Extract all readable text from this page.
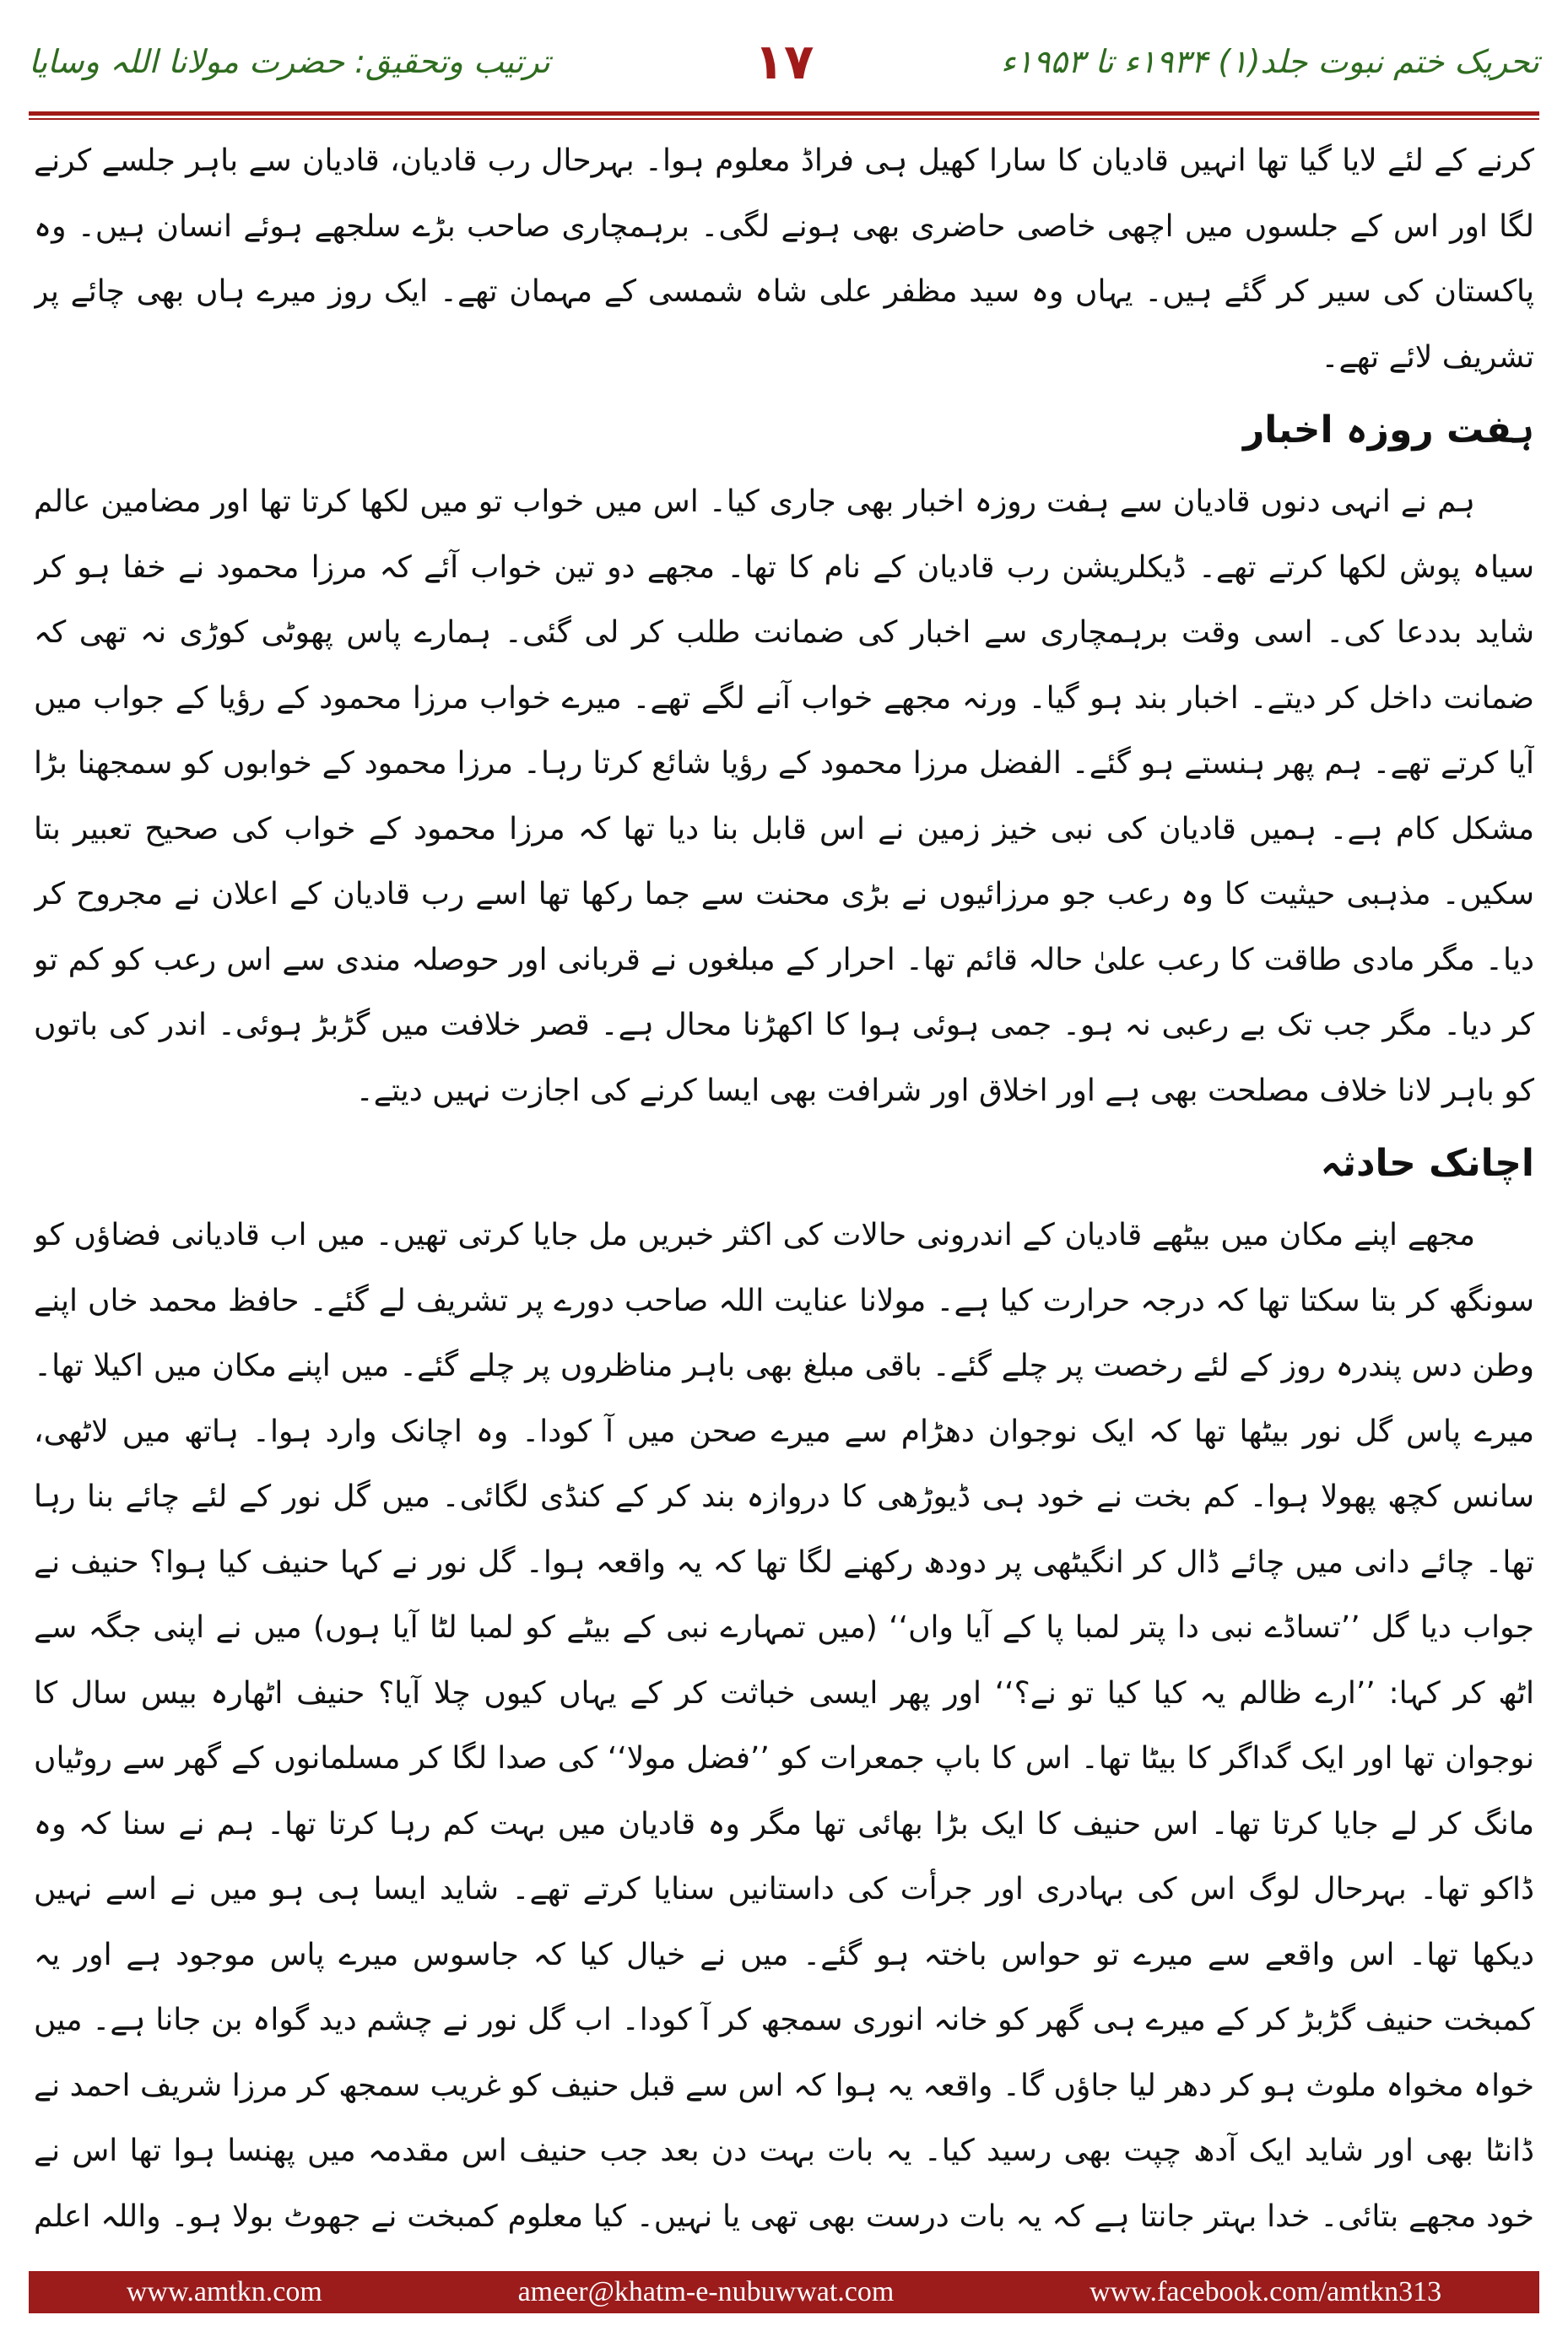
ترتیب وتحقیق: حضرت مولانا اللہ وسایا	۱۷	تحریک ختم نبوت جلد(۱) ۱۹۳۴ء تا ۱۹۵۳ء

کرنے کے لئے لایا گیا تھا انہیں قادیان کا سارا کھیل ہی فراڈ معلوم ہوا۔ بہرحال رب قادیان، قادیان سے باہر جلسے کرنے لگا اور اس کے جلسوں میں اچھی خاصی حاضری بھی ہونے لگی۔ برہمچاری صاحب بڑے سلجھے ہوئے انسان ہیں۔ وہ پاکستان کی سیر کر گئے ہیں۔ یہاں وہ سید مظفر علی شاہ شمسی کے مہمان تھے۔ ایک روز میرے ہاں بھی چائے پر تشریف لائے تھے۔

ہفت روزہ اخبار

ہم نے انہی دنوں قادیان سے ہفت روزہ اخبار بھی جاری کیا۔ اس میں خواب تو میں لکھا کرتا تھا اور مضامین عالم سیاہ پوش لکھا کرتے تھے۔ ڈیکلریشن رب قادیان کے نام کا تھا۔ مجھے دو تین خواب آئے کہ مرزا محمود نے خفا ہو کر شاید بددعا کی۔ اسی وقت برہمچاری سے اخبار کی ضمانت طلب کر لی گئی۔ ہمارے پاس پھوٹی کوڑی نہ تھی کہ ضمانت داخل کر دیتے۔ اخبار بند ہو گیا۔ ورنہ مجھے خواب آنے لگے تھے۔ میرے خواب مرزا محمود کے رؤیا کے جواب میں آیا کرتے تھے۔ ہم پھر ہنستے ہو گئے۔ الفضل مرزا محمود کے رؤیا شائع کرتا رہا۔ مرزا محمود کے خوابوں کو سمجھنا بڑا مشکل کام ہے۔ ہمیں قادیان کی نبی خیز زمین نے اس قابل بنا دیا تھا کہ مرزا محمود کے خواب کی صحیح تعبیر بتا سکیں۔ مذہبی حیثیت کا وہ رعب جو مرزائیوں نے بڑی محنت سے جما رکھا تھا اسے رب قادیان کے اعلان نے مجروح کر دیا۔ مگر مادی طاقت کا رعب علیٰ حالہ قائم تھا۔ احرار کے مبلغوں نے قربانی اور حوصلہ مندی سے اس رعب کو کم تو کر دیا۔ مگر جب تک بے رعبی نہ ہو۔ جمی ہوئی ہوا کا اکھڑنا محال ہے۔ قصر خلافت میں گڑبڑ ہوئی۔ اندر کی باتوں کو باہر لانا خلاف مصلحت بھی ہے اور اخلاق اور شرافت بھی ایسا کرنے کی اجازت نہیں دیتے۔

اچانک حادثہ

مجھے اپنے مکان میں بیٹھے قادیان کے اندرونی حالات کی اکثر خبریں مل جایا کرتی تھیں۔ میں اب قادیانی فضاؤں کو سونگھ کر بتا سکتا تھا کہ درجہ حرارت کیا ہے۔ مولانا عنایت اللہ صاحب دورے پر تشریف لے گئے۔ حافظ محمد خاں اپنے وطن دس پندرہ روز کے لئے رخصت پر چلے گئے۔ باقی مبلغ بھی باہر مناظروں پر چلے گئے۔ میں اپنے مکان میں اکیلا تھا۔ میرے پاس گل نور بیٹھا تھا کہ ایک نوجوان دھڑام سے میرے صحن میں آ کودا۔ وہ اچانک وارد ہوا۔ ہاتھ میں لاٹھی، سانس کچھ پھولا ہوا۔ کم بخت نے خود ہی ڈیوڑھی کا دروازہ بند کر کے کنڈی لگائی۔ میں گل نور کے لئے چائے بنا رہا تھا۔ چائے دانی میں چائے ڈال کر انگیٹھی پر دودھ رکھنے لگا تھا کہ یہ واقعہ ہوا۔ گل نور نے کہا حنیف کیا ہوا؟ حنیف نے جواب دیا گل ’’تساڈے نبی دا پتر لمبا پا کے آیا واں‘‘ (میں تمہارے نبی کے بیٹے کو لمبا لٹا آیا ہوں) میں نے اپنی جگہ سے اٹھ کر کہا: ’’ارے ظالم یہ کیا کیا تو نے؟‘‘ اور پھر ایسی خباثت کر کے یہاں کیوں چلا آیا؟ حنیف اٹھارہ بیس سال کا نوجوان تھا اور ایک گداگر کا بیٹا تھا۔ اس کا باپ جمعرات کو ’’فضل مولا‘‘ کی صدا لگا کر مسلمانوں کے گھر سے روٹیاں مانگ کر لے جایا کرتا تھا۔ اس حنیف کا ایک بڑا بھائی تھا مگر وہ قادیان میں بہت کم رہا کرتا تھا۔ ہم نے سنا کہ وہ ڈاکو تھا۔ بہرحال لوگ اس کی بہادری اور جرأت کی داستانیں سنایا کرتے تھے۔ شاید ایسا ہی ہو میں نے اسے نہیں دیکھا تھا۔ اس واقعے سے میرے تو حواس باختہ ہو گئے۔ میں نے خیال کیا کہ جاسوس میرے پاس موجود ہے اور یہ کمبخت حنیف گڑبڑ کر کے میرے ہی گھر کو خانہ انوری سمجھ کر آ کودا۔ اب گل نور نے چشم دید گواہ بن جانا ہے۔ میں خواہ مخواہ ملوث ہو کر دھر لیا جاؤں گا۔ واقعہ یہ ہوا کہ اس سے قبل حنیف کو غریب سمجھ کر مرزا شریف احمد نے ڈانٹا بھی اور شاید ایک آدھ چپت بھی رسید کیا۔ یہ بات بہت دن بعد جب حنیف اس مقدمہ میں پھنسا ہوا تھا اس نے خود مجھے بتائی۔ خدا بہتر جانتا ہے کہ یہ بات درست بھی تھی یا نہیں۔ کیا معلوم کمبخت نے جھوٹ بولا ہو۔ واللہ اعلم

www.amtkn.com	ameer@khatm-e-nubuwwat.com	www.facebook.com/amtkn313
